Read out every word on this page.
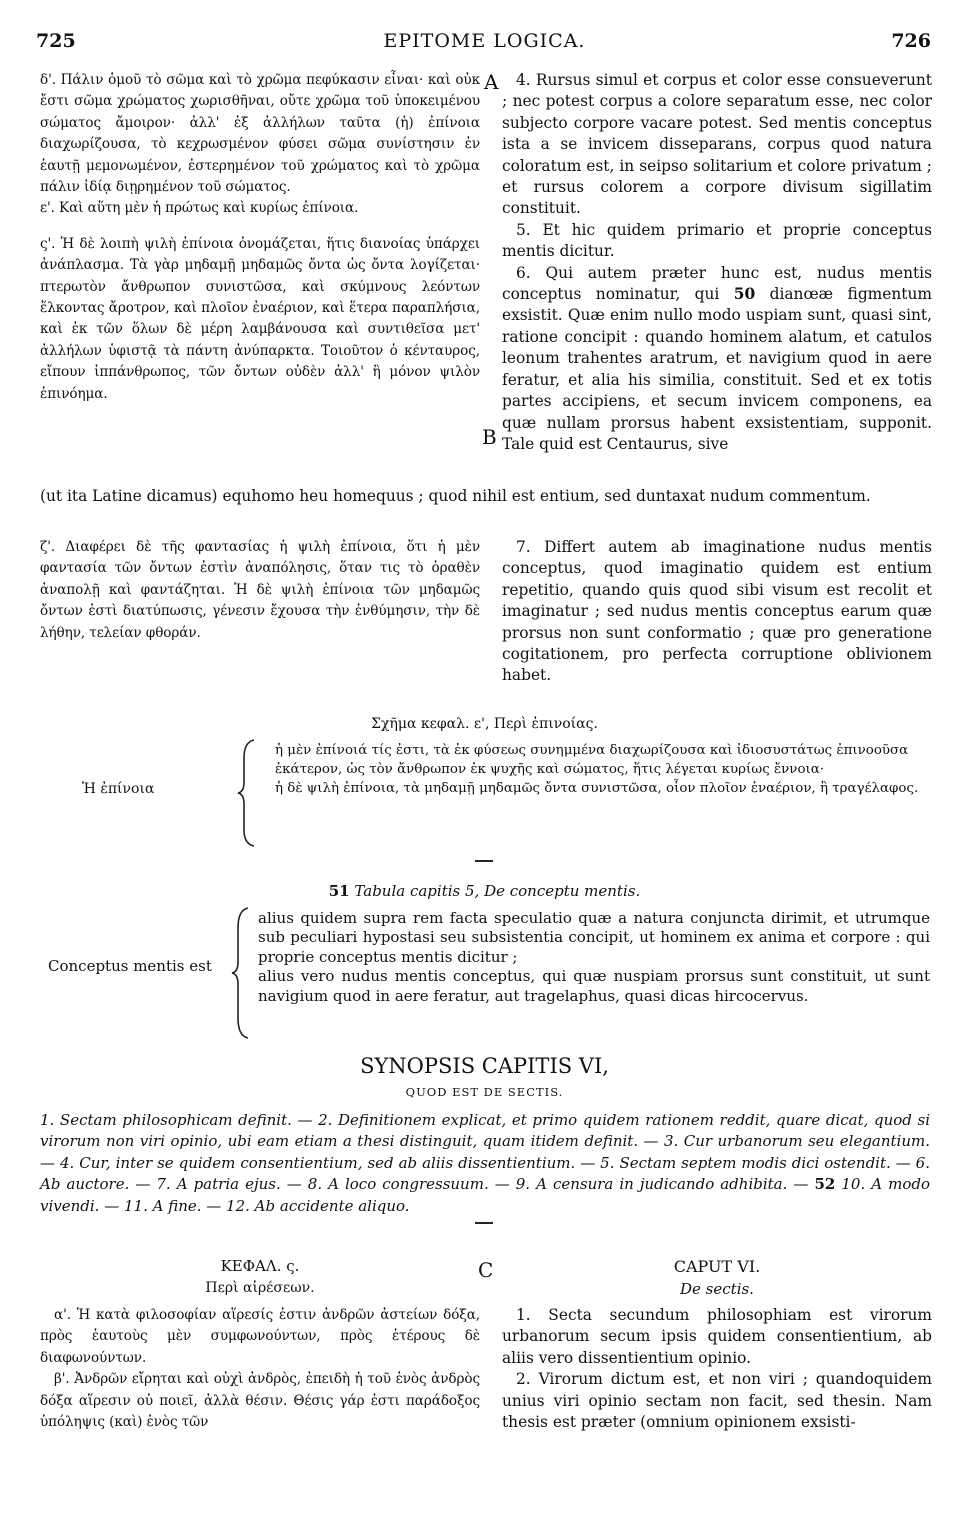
725	EPITOME LOGICA.	726

δ'. Πάλιν ὁμοῦ τὸ σῶμα καὶ τὸ χρῶμα πεφύκασιν εἶναι· καὶ οὐκ ἔστι σῶμα χρώματος χωρισθῆναι, οὔτε χρῶμα τοῦ ὑποκειμένου σώματος ἄμοιρον· ἀλλ' ἐξ ἀλλήλων ταῦτα (ἡ) ἐπίνοια διαχωρίζουσα, τὸ κεχρωσμένον φύσει σῶμα συνίστησιν ἐν ἑαυτῇ μεμονωμένον, ἐστερημένον τοῦ χρώματος καὶ τὸ χρῶμα πάλιν ἰδίᾳ διῃρημένον τοῦ σώματος.

ε'. Καὶ αὕτη μὲν ἡ πρώτως καὶ κυρίως ἐπίνοια.

ς'. Ἡ δὲ λοιπὴ ψιλὴ ἐπίνοια ὀνομάζεται, ἥτις διανοίας ὑπάρχει ἀνάπλασμα. Τὰ γὰρ μηδαμῇ μηδαμῶς ὄντα ὡς ὄντα λογίζεται· πτερωτὸν ἄνθρωπον συνιστῶσα, καὶ σκύμνους λεόντων ἕλκοντας ἄροτρον, καὶ πλοῖον ἐναέριον, καὶ ἕτερα παραπλήσια, καὶ ἐκ τῶν ὅλων δὲ μέρη λαμβάνουσα καὶ συντιθεῖσα μετ' ἀλλήλων ὑφιστᾷ τὰ πάντη ἀνύπαρκτα. Τοιοῦτον ὁ κένταυρος, εἴπουν ἱππάνθρωπος, τῶν ὄντων οὐδὲν ἀλλ' ἢ μόνον ψιλὸν ἐπινόημα.

A
B

4. Rursus simul et corpus et color esse consueverunt ; nec potest corpus a colore separatum esse, nec color subjecto corpore vacare potest. Sed mentis conceptus ista a se invicem disseparans, corpus quod natura coloratum est, in seipso solitarium et colore privatum ; et rursus colorem a corpore divisum sigillatim constituit.

5. Et hic quidem primario et proprie conceptus mentis dicitur.

6. Qui autem præter hunc est, nudus mentis conceptus nominatur, qui 50 dianœæ figmentum exsistit. Quæ enim nullo modo uspiam sunt, quasi sint, ratione concipit : quando hominem alatum, et catulos leonum trahentes aratrum, et navigium quod in aere feratur, et alia his similia, constituit. Sed et ex totis partes accipiens, et secum invicem componens, ea quæ nullam prorsus habent exsistentiam, supponit. Tale quid est Centaurus, sive

(ut ita Latine dicamus) equhomo heu homequus ; quod nihil est entium, sed duntaxat nudum commentum.
ζ'. Διαφέρει δὲ τῆς φαντασίας ἡ ψιλὴ ἐπίνοια, ὅτι ἡ μὲν φαντασία τῶν ὄντων ἐστὶν ἀναπόλησις, ὅταν τις τὸ ὁραθὲν ἀναπολῇ καὶ φαντάζηται. Ἡ δὲ ψιλὴ ἐπίνοια τῶν μηδαμῶς ὄντων ἐστὶ διατύπωσις, γένεσιν ἔχουσα τὴν ἐνθύμησιν, τὴν δὲ λήθην, τελείαν φθοράν.
7. Differt autem ab imaginatione nudus mentis conceptus, quod imaginatio quidem est entium repetitio, quando quis quod sibi visum est recolit et imaginatur ; sed nudus mentis conceptus earum quæ prorsus non sunt conformatio ; quæ pro generatione cogitationem, pro perfecta corruptione oblivionem habet.
Σχῆμα κεφαλ. ε', Περὶ ἐπινοίας.
Ἡ ἐπίνοια
ἡ μὲν ἐπίνοιά τίς ἐστι, τὰ ἐκ φύσεως συνημμένα διαχωρίζουσα καὶ ἰδιοσυστάτως ἐπινοοῦσα ἑκάτερον, ὡς τὸν ἄνθρωπον ἐκ ψυχῆς καὶ σώματος, ἥτις λέγεται κυρίως ἔννοια·
ἡ δὲ ψιλὴ ἐπίνοια, τὰ μηδαμῇ μηδαμῶς ὄντα συνιστῶσα, οἷον πλοῖον ἐναέριον, ἢ τραγέλαφος.
51 Tabula capitis 5, De conceptu mentis.
Conceptus mentis est
alius quidem supra rem facta speculatio quæ a natura conjuncta dirimit, et utrumque sub peculiari hypostasi seu subsistentia concipit, ut hominem ex anima et corpore : qui proprie conceptus mentis dicitur ;
alius vero nudus mentis conceptus, qui quæ nuspiam prorsus sunt constituit, ut sunt navigium quod in aere feratur, aut tragelaphus, quasi dicas hircocervus.
SYNOPSIS CAPITIS VI,
QUOD EST DE SECTIS.
1. Sectam philosophicam definit. — 2. Definitionem explicat, et primo quidem rationem reddit, quare dicat, quod si virorum non viri opinio, ubi eam etiam a thesi distinguit, quam itidem definit. — 3. Cur urbanorum seu elegantium. — 4. Cur, inter se quidem consentientium, sed ab aliis dissentientium. — 5. Sectam septem modis dici ostendit. — 6. Ab auctore. — 7. A patria ejus. — 8. A loco congressuum. — 9. A censura in judicando adhibita. — 52 10. A modo vivendi. — 11. A fine. — 12. Ab accidente aliquo.
ΚΕΦΑΛ. ς.
Περὶ αἱρέσεων.
C	CAPUT VI.
De sectis.

α'. Ἡ κατὰ φιλοσοφίαν αἵρεσίς ἐστιν ἀνδρῶν ἀστείων δόξα, πρὸς ἑαυτοὺς μὲν συμφωνούντων, πρὸς ἑτέρους δὲ διαφωνούντων.

β'. Ἀνδρῶν εἴρηται καὶ οὐχὶ ἀνδρὸς, ἐπειδὴ ἡ τοῦ ἑνὸς ἀνδρὸς δόξα αἵρεσιν οὐ ποιεῖ, ἀλλὰ θέσιν. Θέσις γάρ ἐστι παράδοξος ὑπόληψις (καὶ) ἑνὸς τῶν

1. Secta secundum philosophiam est virorum urbanorum secum ipsis quidem consentientium, ab aliis vero dissentientium opinio.

2. Virorum dictum est, et non viri ; quandoquidem unius viri opinio sectam non facit, sed thesin. Nam thesis est præter (omnium opinionem exsisti-
